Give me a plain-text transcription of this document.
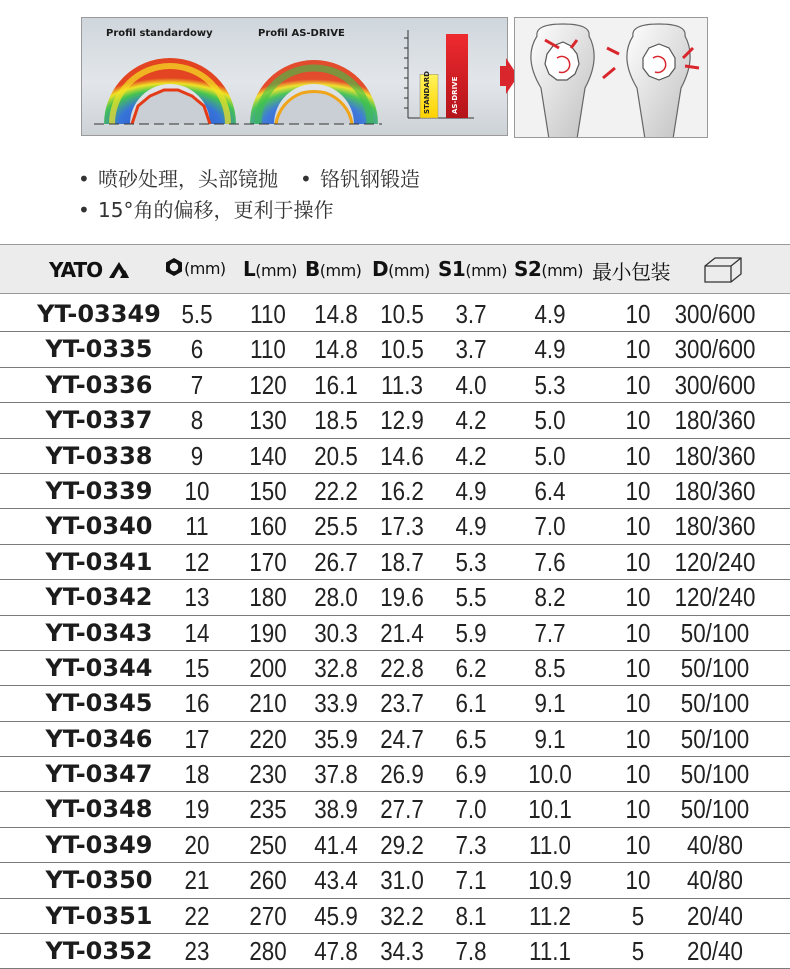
Profil standardowy	Profil AS-DRIVE
STANDARD	AS-DRIVE
• 喷砂处理，头部镜抛 • 铬钒钢锻造
• 15°角的偏移，更利于操作
(mm) L(mm) B(mm) D(mm) S1(mm) S2(mm) 最小包装
YATO
YT-03349 5.5 110 14.8 10.5	3.7	4.9	10 300/600
YT-0335	6	110 14.8 10.5	3.7	4.9	10 300/600
YT-0336	7	120 16.1 11.3	4.0	5.3	10 300/600
YT-0337	8	130 18.5 12.9	4.2	5.0	10 180/360
YT-0338	9	140 20.5 14.6	4.2	5.0	10 180/360
YT-0339	10 150 22.2 16.2	4.9	6.4	10 180/360
YT-0340	11	160 25.5 17.3	4.9	7.0	10 180/360
YT-0341	12 170 26.7 18.7	5.3	7.6	10 120/240
YT-0342	13 180 28.0 19.6	5.5	8.2	10 120/240
YT-0343	14 190 30.3 21.4	5.9	7.7	10	50/100
YT-0344	15 200 32.8 22.8	6.2	8.5	10	50/100
YT-0345	16 210 33.9 23.7	6.1	9.1	10	50/100
YT-0346	17 220 35.9 24.7	6.5	9.1	10	50/100
YT-0347	18 230 37.8 26.9	6.9	10.0	10	50/100
YT-0348	19 235 38.9 27.7	7.0	10.1	10	50/100
YT-0349	20 250 41.4 29.2	7.3	11.0	10	40/80
YT-0350	21 260 43.4 31.0	7.1	10.9	10	40/80
YT-0351	22 270 45.9 32.2	8.1	11.2	5	20/40
YT-0352	23 280 47.8 34.3	7.8	11.1	5	20/40
